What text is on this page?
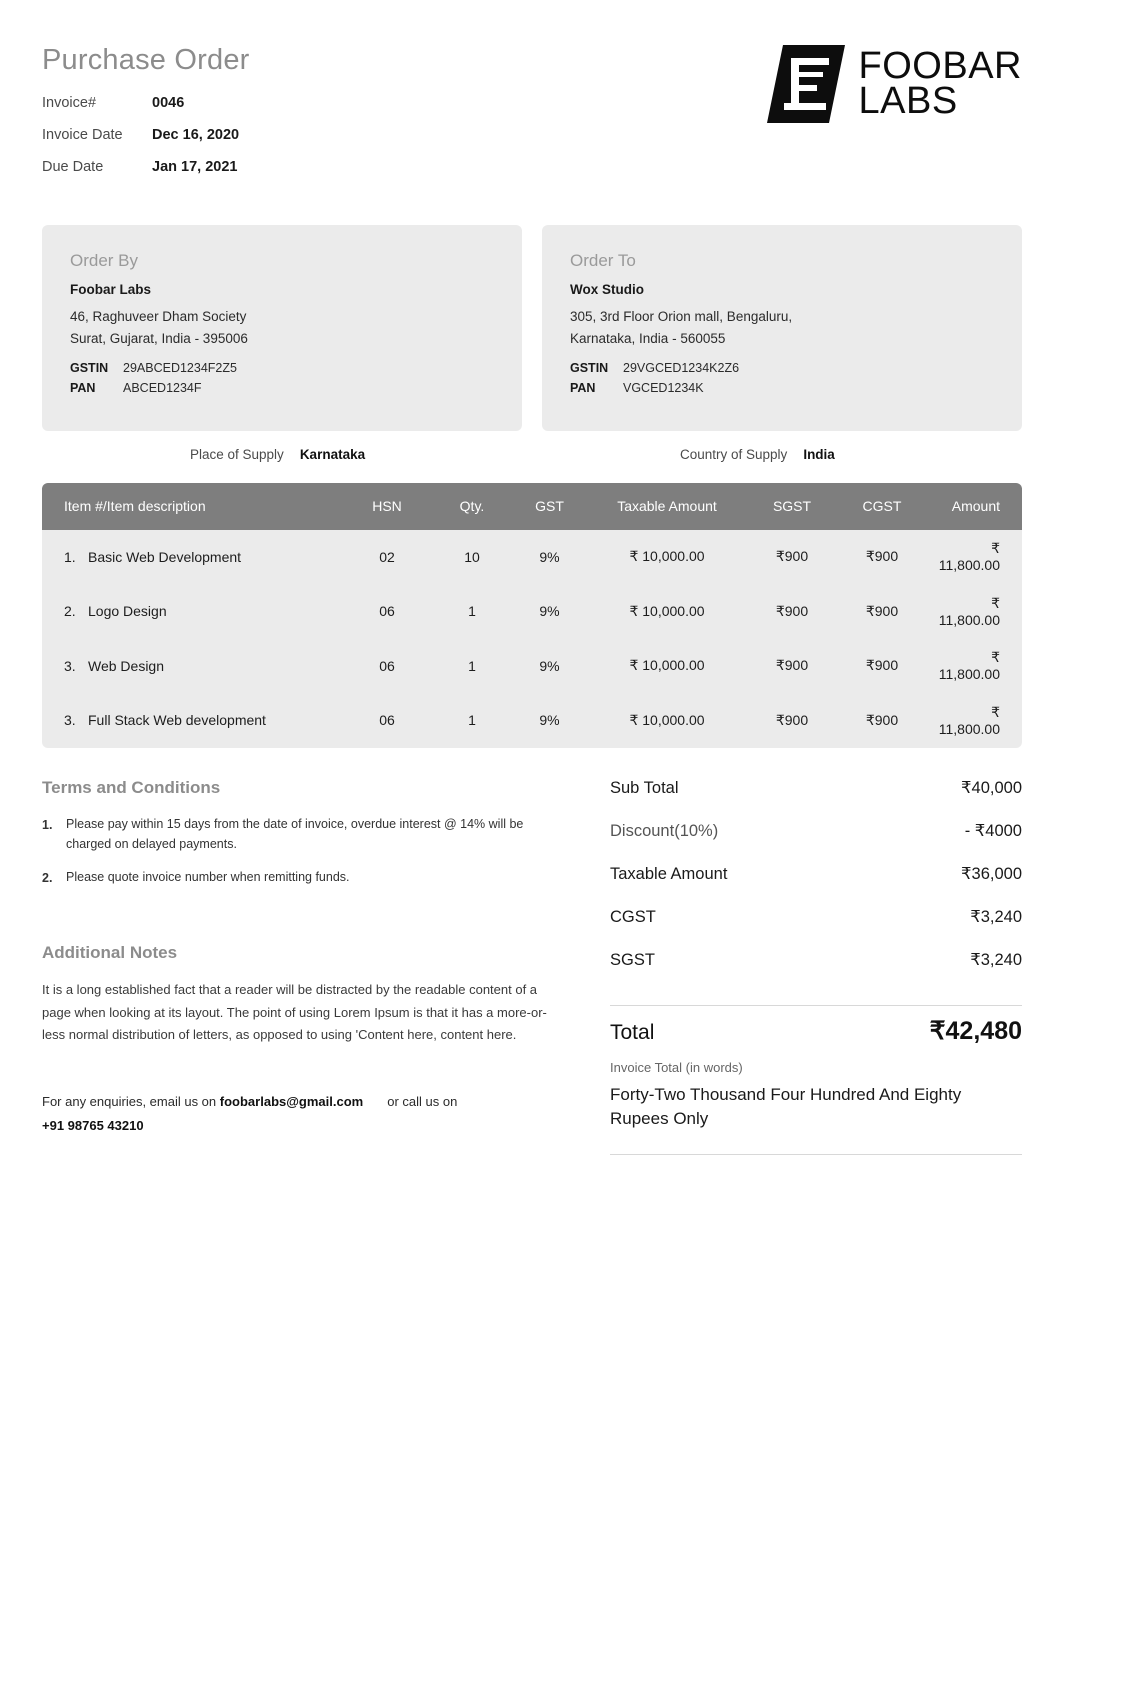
Purchase Order
Invoice#	0046
Invoice Date	Dec 16, 2020
Due Date	Jan 17, 2021
FOOBAR
LABS
Order By
Foobar Labs
46, Raghuveer Dham Society
Surat, Gujarat, India - 395006
GSTIN	29ABCED1234F2Z5
PAN	ABCED1234F
Order To
Wox Studio
305, 3rd Floor Orion mall, Bengaluru,
Karnataka, India - 560055
GSTIN	29VGCED1234K2Z6
PAN	VGCED1234K
Place of Supply Karnataka	Country of Supply India
Item #/Item description	HSN	Qty.	GST	Taxable Amount	SGST	CGST	Amount
1. Basic Web Development	02	10	9%	₹ 10,000.00	₹900	₹900	₹ 11,800.00
2. Logo Design	06	1	9%	₹ 10,000.00	₹900	₹900	₹ 11,800.00
3. Web Design	06	1	9%	₹ 10,000.00	₹900	₹900	₹ 11,800.00
3. Full Stack Web development	06	1	9%	₹ 10,000.00	₹900	₹900	₹ 11,800.00
Terms and Conditions
Please pay within 15 days from the date of invoice, overdue interest @ 14% will be charged on delayed payments.
Please quote invoice number when remitting funds.
Additional Notes
It is a long established fact that a reader will be distracted by the readable content of a page when looking at its layout. The point of using Lorem Ipsum is that it has a more-or-less normal distribution of letters, as opposed to using 'Content here, content here.
For any enquiries, email us on foobarlabs@gmail.com or call us on
+91 98765 43210
Sub Total	₹40,000
Discount(10%)	- ₹4000
Taxable Amount	₹36,000
CGST	₹3,240
SGST	₹3,240
Total	₹42,480
Invoice Total (in words)
Forty-Two Thousand Four Hundred And Eighty Rupees Only
